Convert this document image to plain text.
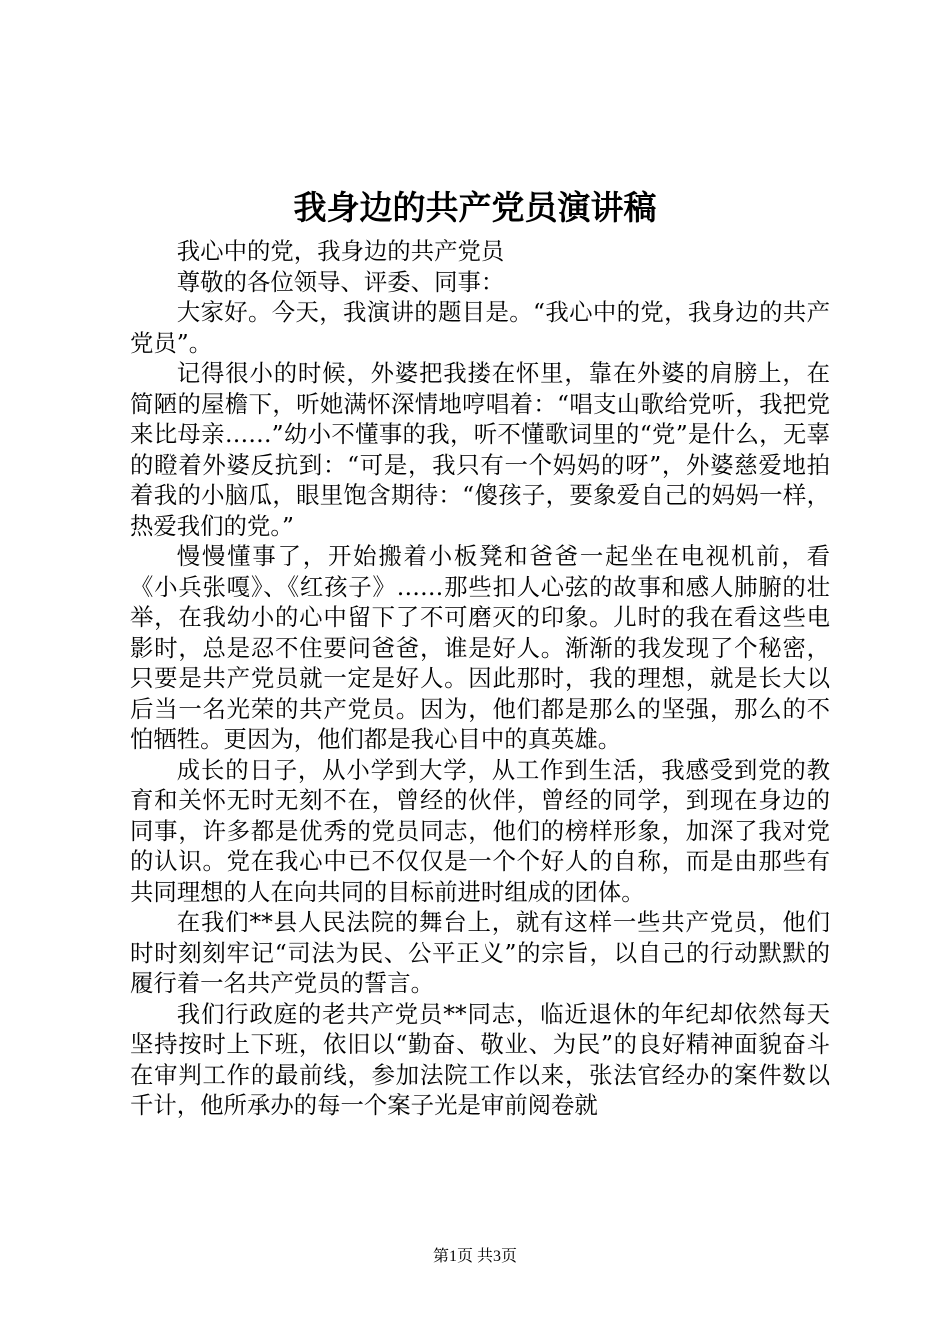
我身边的共产党员演讲稿

我心中的党，我身边的共产党员

尊敬的各位领导、评委、同事：

大家好。今天，我演讲的题目是。“我心中的党，我身边的共产党员”。

记得很小的时候，外婆把我搂在怀里，靠在外婆的肩膀上，在简陋的屋檐下，听她满怀深情地哼唱着：“唱支山歌给党听，我把党来比母亲……”幼小不懂事的我，听不懂歌词里的“党”是什么，无辜的瞪着外婆反抗到：“可是，我只有一个妈妈的呀”，外婆慈爱地拍着我的小脑瓜，眼里饱含期待：“傻孩子，要象爱自己的妈妈一样，热爱我们的党。”

慢慢懂事了，开始搬着小板凳和爸爸一起坐在电视机前，看《小兵张嘎》、《红孩子》……那些扣人心弦的故事和感人肺腑的壮举，在我幼小的心中留下了不可磨灭的印象。儿时的我在看这些电影时，总是忍不住要问爸爸，谁是好人。渐渐的我发现了个秘密，只要是共产党员就一定是好人。因此那时，我的理想，就是长大以后当一名光荣的共产党员。因为，他们都是那么的坚强，那么的不怕牺牲。更因为，他们都是我心目中的真英雄。

成长的日子，从小学到大学，从工作到生活，我感受到党的教育和关怀无时无刻不在，曾经的伙伴，曾经的同学，到现在身边的同事，许多都是优秀的党员同志，他们的榜样形象，加深了我对党的认识。党在我心中已不仅仅是一个个好人的自称，而是由那些有共同理想的人在向共同的目标前进时组成的团体。

在我们**县人民法院的舞台上，就有这样一些共产党员，他们时时刻刻牢记“司法为民、公平正义”的宗旨，以自己的行动默默的履行着一名共产党员的誓言。

我们行政庭的老共产党员**同志，临近退休的年纪却依然每天坚持按时上下班，依旧以“勤奋、敬业、为民”的良好精神面貌奋斗在审判工作的最前线，参加法院工作以来，张法官经办的案件数以千计，他所承办的每一个案子光是审前阅卷就

第1页 共3页
